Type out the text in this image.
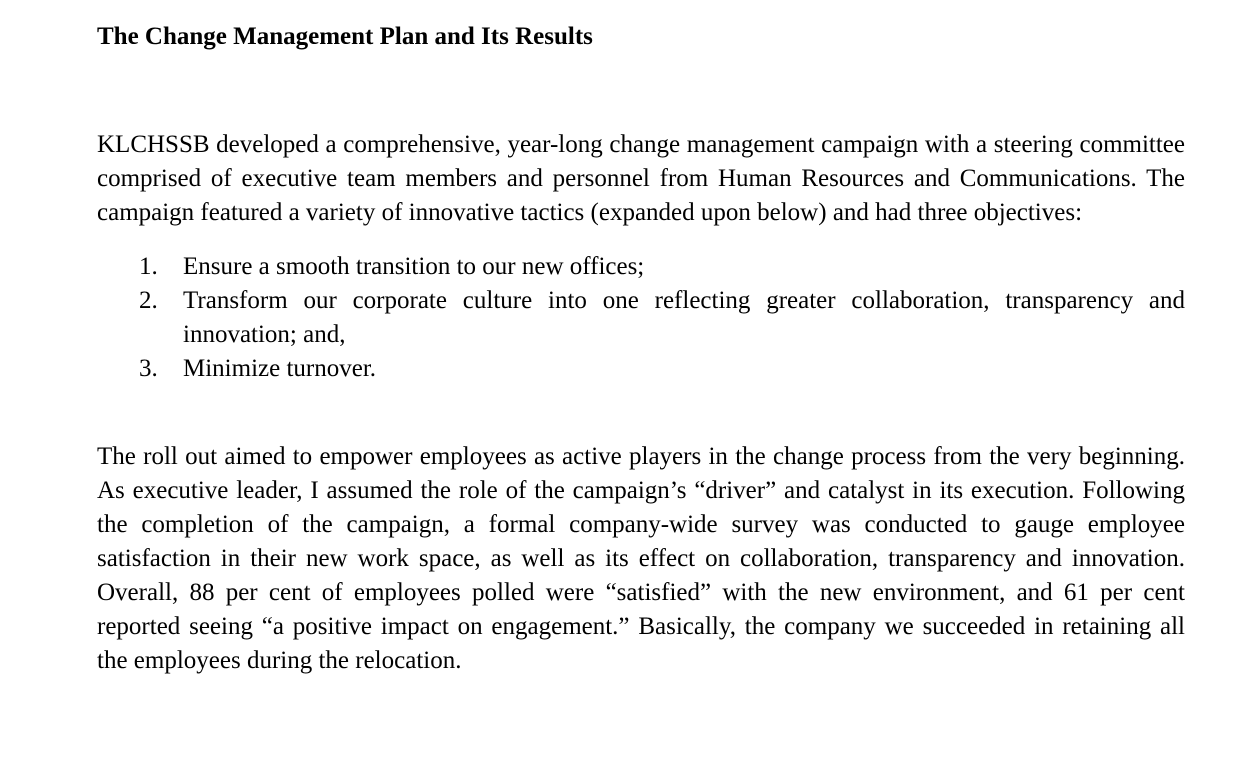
The Change Management Plan and Its Results

KLCHSSB developed a comprehensive, year-long change management campaign with a steering committee comprised of executive team members and personnel from Human Resources and Communications. The campaign featured a variety of innovative tactics (expanded upon below) and had three objectives:

1.	Ensure a smooth transition to our new offices;
2.	Transform our corporate culture into one reflecting greater collaboration, transparency and innovation; and,
3.	Minimize turnover.

The roll out aimed to empower employees as active players in the change process from the very beginning. As executive leader, I assumed the role of the campaign’s “driver” and catalyst in its execution. Following the completion of the campaign, a formal company-wide survey was conducted to gauge employee satisfaction in their new work space, as well as its effect on collaboration, transparency and innovation. Overall, 88 per cent of employees polled were “satisfied” with the new environment, and 61 per cent reported seeing “a positive impact on engagement.” Basically, the company we succeeded in retaining all the employees during the relocation.
